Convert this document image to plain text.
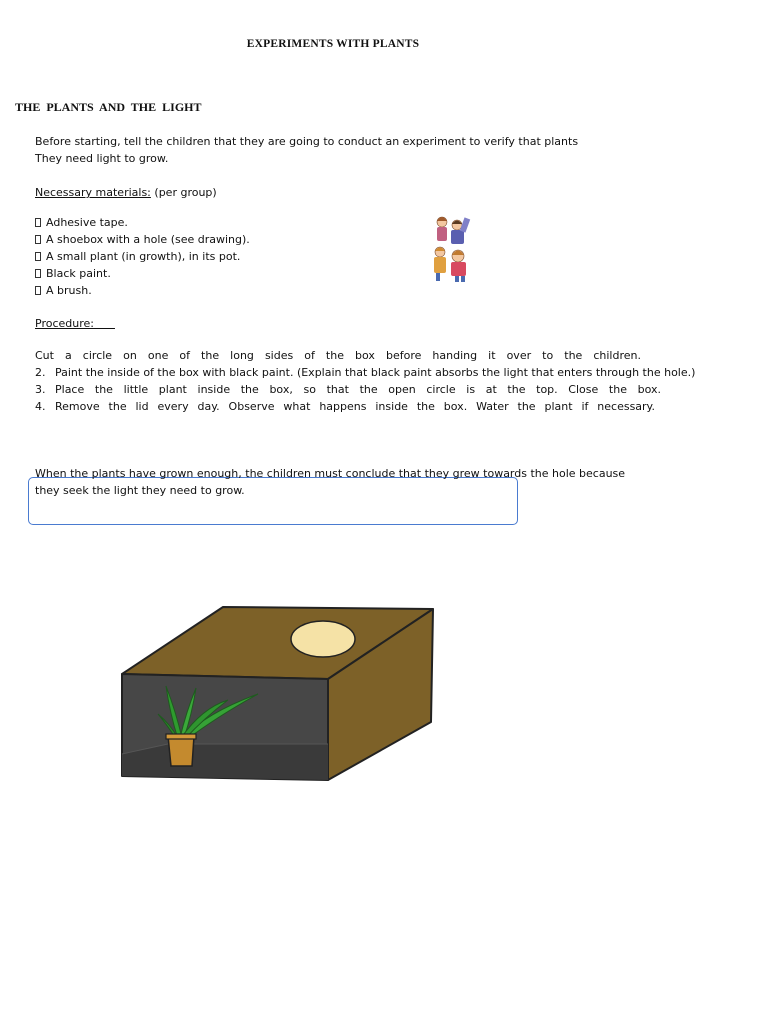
EXPERIMENTS WITH PLANTS
THE PLANTS AND THE LIGHT
Before starting, tell the children that they are going to conduct an experiment to verify that plants
They need light to grow.
Necessary materials: (per group)
Adhesive tape.
A shoebox with a hole (see drawing).
A small plant (in growth), in its pot.
Black paint.
A brush.
Procedure:
Cut a circle on one of the long sides of the box before handing it over to the children.
2. Paint the inside of the box with black paint. (Explain that black paint absorbs the light that enters through the hole.)
3. Place the little plant inside the box, so that the open circle is at the top. Close the box.
4. Remove the lid every day. Observe what happens inside the box. Water the plant if necessary.
When the plants have grown enough, the children must conclude that they grew towards the hole because
they seek the light they need to grow.
